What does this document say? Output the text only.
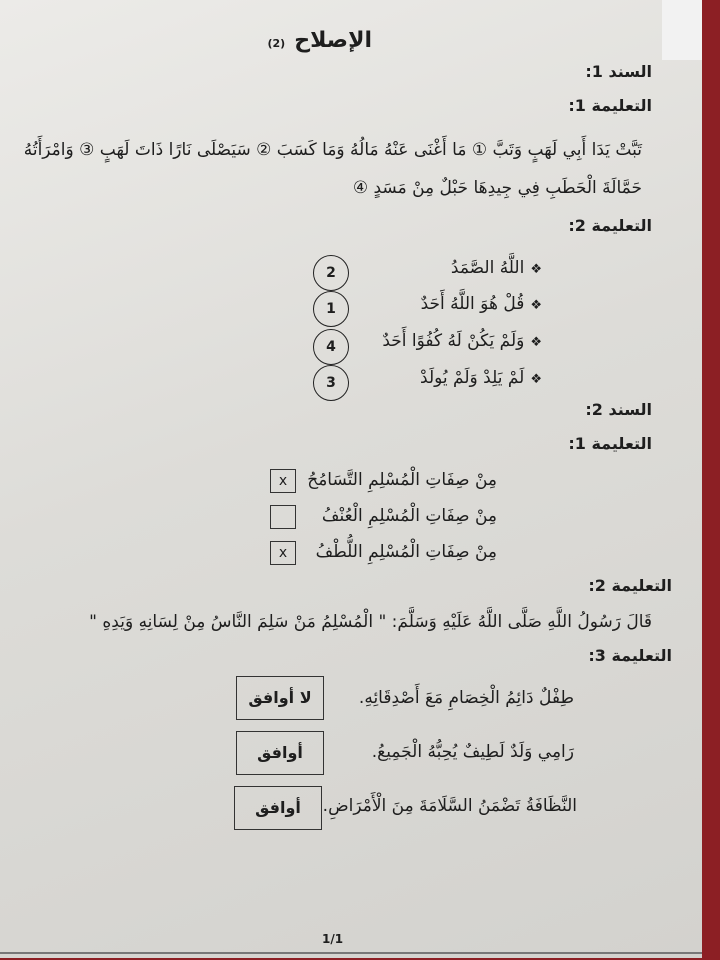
الإصلاح (2)
السند 1:
التعليمة 1:
تَبَّتْ يَدَا أَبِي لَهَبٍ وَتَبَّ ① مَا أَغْنَى عَنْهُ مَالُهُ وَمَا كَسَبَ ② سَيَصْلَى نَارًا ذَاتَ لَهَبٍ ③ وَامْرَأَتُهُ
حَمَّالَةَ الْحَطَبِ فِي جِيدِهَا حَبْلٌ مِنْ مَسَدٍ ④
التعليمة 2:
❖اللَّهُ الصَّمَدُ
2
❖قُلْ هُوَ اللَّهُ أَحَدٌ
1
❖وَلَمْ يَكُنْ لَهُ كُفُوًا أَحَدٌ
4
❖لَمْ يَلِدْ وَلَمْ يُولَدْ
3
السند 2:
التعليمة 1:
مِنْ صِفَاتِ الْمُسْلِمِ التَّسَامُحُ
x
مِنْ صِفَاتِ الْمُسْلِمِ الْعُنْفُ
مِنْ صِفَاتِ الْمُسْلِمِ اللُّطْفُ
x
التعليمة 2:
قَالَ رَسُولُ اللَّهِ صَلَّى اللَّهُ عَلَيْهِ وَسَلَّمَ: " الْمُسْلِمُ مَنْ سَلِمَ النَّاسُ مِنْ لِسَانِهِ وَيَدِهِ "
التعليمة 3:
طِفْلٌ دَائِمُ الْخِصَامِ مَعَ أَصْدِقَائِهِ.
لا أوافق
رَامِي وَلَدٌ لَطِيفٌ يُحِبُّهُ الْجَمِيعُ.
أوافق
النَّظَافَةُ تَضْمَنُ السَّلَامَةَ مِنَ الْأَمْرَاضِ.
أوافق
1/1
